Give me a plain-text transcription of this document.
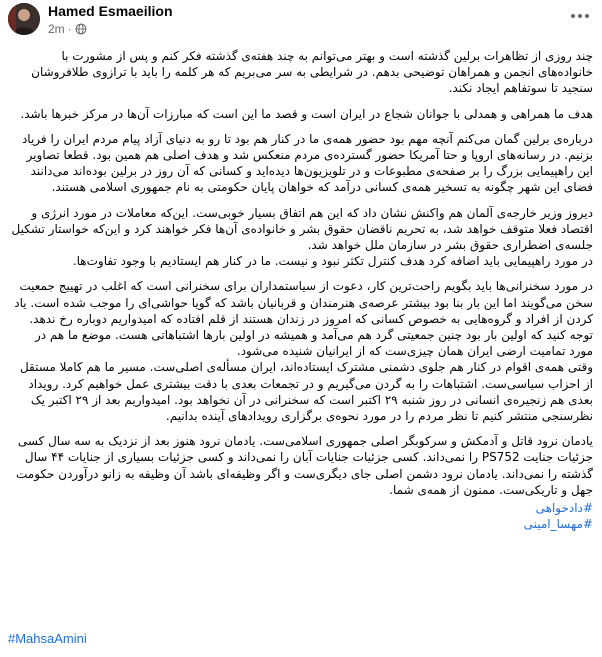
Hamed Esmaeilion
2m ·

چند روزی از تظاهرات برلین گذشته است و بهتر می‌توانم به چند هفته‌ی گذشته فکر کنم و پس از مشورت با خانواده‌های انجمن و همراهان توضیحی بدهم. در شرایطی به سر می‌بریم که هر کلمه را باید با ترازوی طلافروشان سنجید تا سوتفاهم ایجاد نکند.

هدف ما همراهی و همدلی با جوانان شجاع در ایران است و قصد ما این است که مبارزات آن‌ها در مرکز خبرها باشد.

درباره‌ی برلین گمان می‌کنم آنچه مهم بود حضور همه‌ی ما در کنار هم بود تا رو به دنیای آزاد پیام مردم ایران را فریاد بزنیم. در رسانه‌های اروپا و حتا آمریکا حضور گسترده‌ی مردم منعکس شد و هدف اصلی هم همین بود. قطعا تصاویر این راهپیمایی بزرگ را بر صفحه‌ی مطبوعات و در تلویزیون‌ها دیده‌اید و کسانی که آن روز در برلین بوده‌اند می‌دانند فضای این شهر چگونه به تسخیر همه‌ی کسانی درآمد که خواهان پایان حکومتی به نام جمهوری اسلامی هستند.

دیروز وزیر خارجه‌ی آلمان هم واکنش نشان داد که این هم اتفاق بسیار خوبی‌ست. این‌که معاملات در مورد انرژی و اقتصاد فعلا متوقف خواهد شد، به تحریم ناقضان حقوق بشر و خانواده‌ی آن‌ها فکر خواهند کرد و این‌که خواستار تشکیل جلسه‌ی اضطراری حقوق بشر در سازمان ملل خواهد شد.
در مورد راهپیمایی باید اضافه کرد هدف کنترل تکثر نبود و نیست. ما در کنار هم ایستادیم با وجود تفاوت‌ها.

در مورد سخنرانی‌ها باید بگویم راحت‌ترین کار، دعوت از سیاستمداران برای سخنرانی است که اغلب در تهییج جمعیت سخن می‌گویند اما این بار بنا بود بیشتر عرصه‌ی هنرمندان و قربانیان باشد که گویا حواشی‌ای را موجب شده است. یاد کردن از افراد و گروه‌هایی به خصوص کسانی که امروز در زندان هستند از قلم افتاده که امیدواریم دوباره رخ ندهد. توجه کنید که اولین بار بود چنین جمعیتی گرد هم می‌آمد و همیشه در اولین بارها اشتباهاتی هست. موضع ما هم در مورد تمامیت ارضی ایران همان چیزی‌ست که از ایرانیان شنیده می‌شود.
وقتی همه‌ی اقوام در کنار هم جلوی دشمنی مشترک ایستاده‌اند، ایران مسأله‌ی اصلی‌ست. مسیر ما هم کاملا مستقل از احزاب سیاسی‌ست. اشتباهات را به گردن می‌گیریم و در تجمعات بعدی با دقت بیشتری عمل خواهیم کرد. رویداد بعدی هم زنجیره‌ی انسانی در روز شنبه ۲۹ اکتبر است که سخنرانی در آن نخواهد بود. امیدواریم بعد از ۲۹ اکتبر یک نظرسنجی منتشر کنیم تا نظر مردم را در مورد نحوه‌ی برگزاری رویدادهای آینده بدانیم.

یادمان نرود قاتل و آدمکش و سرکوبگر اصلی جمهوری اسلامی‌ست. یادمان نرود هنوز بعد از نزدیک به سه سال کسی جزئیات جنایت PS752 را نمی‌داند. کسی جزئیات جنایات آبان را نمی‌داند و کسی جزئیات بسیاری از جنایات ۴۴ سال گذشته را نمی‌داند. یادمان نرود دشمن اصلی جای دیگری‌ست و اگر وظیفه‌ای باشد آن وظیفه به زانو درآوردن حکومت جهل و تاریکی‌ست. ممنون از همه‌ی شما.

#دادخواهی
#مهسا_امینی
#MahsaAmini
